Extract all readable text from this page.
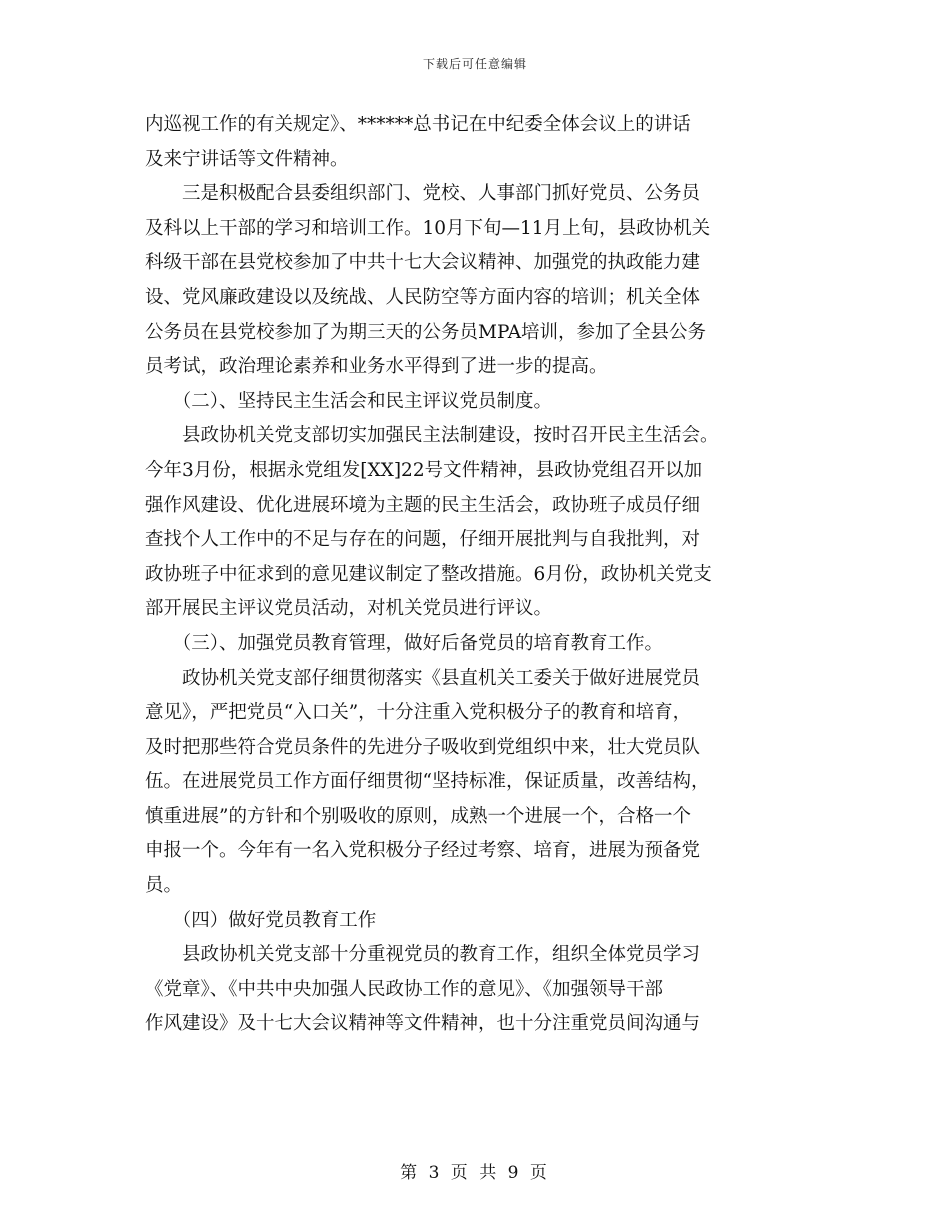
下载后可任意编辑
内巡视工作的有关规定》、******总书记在中纪委全体会议上的讲话
及来宁讲话等文件精神。
　　三是积极配合县委组织部门、党校、人事部门抓好党员、公务员
及科以上干部的学习和培训工作。10月下旬—11月上旬，县政协机关
科级干部在县党校参加了中共十七大会议精神、加强党的执政能力建
设、党风廉政建设以及统战、人民防空等方面内容的培训；机关全体
公务员在县党校参加了为期三天的公务员MPA培训，参加了全县公务
员考试，政治理论素养和业务水平得到了进一步的提高。
　　（二）、坚持民主生活会和民主评议党员制度。
　　县政协机关党支部切实加强民主法制建设，按时召开民主生活会。
今年3月份，根据永党组发[XX]22号文件精神，县政协党组召开以加
强作风建设、优化进展环境为主题的民主生活会，政协班子成员仔细
查找个人工作中的不足与存在的问题，仔细开展批判与自我批判，对
政协班子中征求到的意见建议制定了整改措施。6月份，政协机关党支
部开展民主评议党员活动，对机关党员进行评议。
　　（三）、加强党员教育管理，做好后备党员的培育教育工作。
　　政协机关党支部仔细贯彻落实《县直机关工委关于做好进展党员
意见》，严把党员“入口关”，十分注重入党积极分子的教育和培育，
及时把那些符合党员条件的先进分子吸收到党组织中来，壮大党员队
伍。在进展党员工作方面仔细贯彻“坚持标准，保证质量，改善结构，
慎重进展”的方针和个别吸收的原则，成熟一个进展一个，合格一个
申报一个。今年有一名入党积极分子经过考察、培育，进展为预备党
员。
　　（四）做好党员教育工作
　　县政协机关党支部十分重视党员的教育工作，组织全体党员学习
《党章》、《中共中央加强人民政协工作的意见》、《加强领导干部
作风建设》及十七大会议精神等文件精神，也十分注重党员间沟通与
第 3 页 共 9 页
